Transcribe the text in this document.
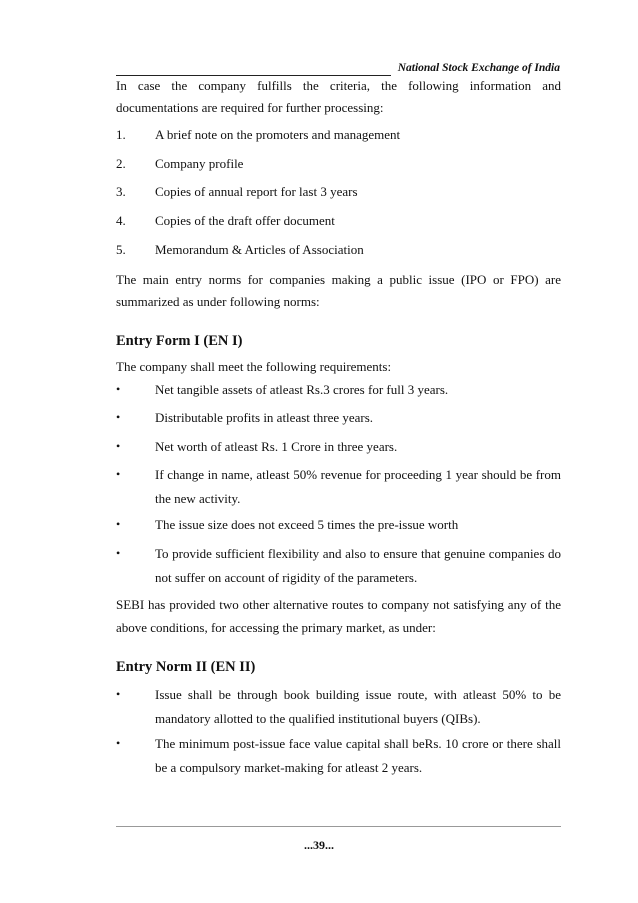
National Stock Exchange of India
In case the company fulfills the criteria, the following information and
documentations are required for further processing:
1. A brief note on the promoters and management
2. Company profile
3. Copies of annual report for last 3 years
4. Copies of the draft offer document
5. Memorandum & Articles of Association
The main entry norms for companies making a public issue (IPO or FPO) are
summarized as under following norms:
Entry Form I (EN I)
The company shall meet the following requirements:
•	Net tangible assets of atleast Rs.3 crores for full 3 years.
•	Distributable profits in atleast three years.
•	Net worth of atleast Rs. 1 Crore in three years.
•	If change in name, atleast 50% revenue for proceeding 1 year should be from
the new activity.
•	The issue size does not exceed 5 times the pre-issue worth
•	To provide sufficient flexibility and also to ensure that genuine companies do
not suffer on account of rigidity of the parameters.
SEBI has provided two other alternative routes to company not satisfying any of the
above conditions, for accessing the primary market, as under:
Entry Norm II (EN II)
•	Issue shall be through book building issue route, with atleast 50% to be
mandatory allotted to the qualified institutional buyers (QIBs).
•	The minimum post-issue face value capital shall beRs. 10 crore or there shall
be a compulsory market-making for atleast 2 years.
...39...
